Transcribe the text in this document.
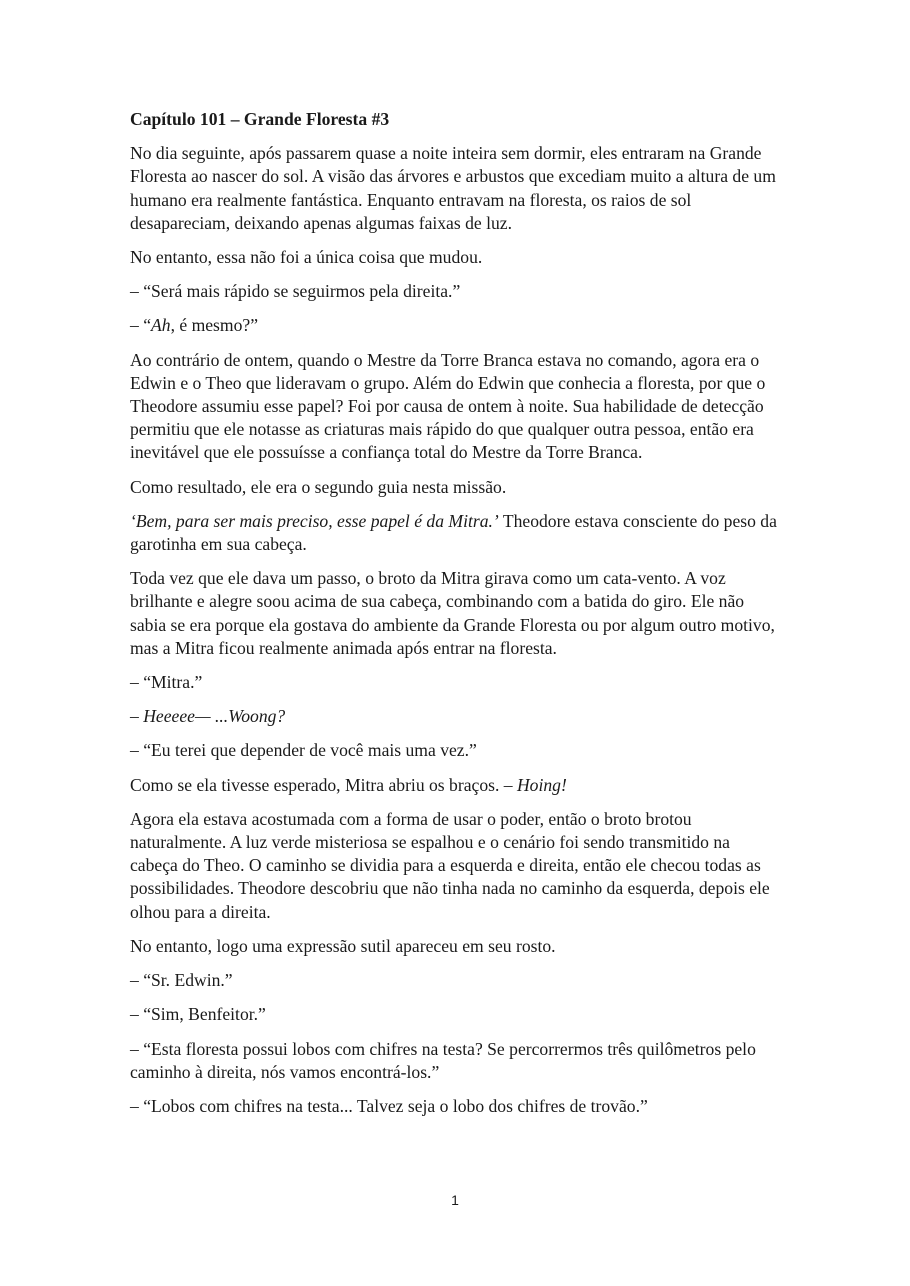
Capítulo 101 – Grande Floresta #3

No dia seguinte, após passarem quase a noite inteira sem dormir, eles entraram na Grande Floresta ao nascer do sol. A visão das árvores e arbustos que excediam muito a altura de um humano era realmente fantástica. Enquanto entravam na floresta, os raios de sol desapareciam, deixando apenas algumas faixas de luz.

No entanto, essa não foi a única coisa que mudou.

– “Será mais rápido se seguirmos pela direita.”

– “Ah, é mesmo?”

Ao contrário de ontem, quando o Mestre da Torre Branca estava no comando, agora era o Edwin e o Theo que lideravam o grupo. Além do Edwin que conhecia a floresta, por que o Theodore assumiu esse papel? Foi por causa de ontem à noite. Sua habilidade de detecção permitiu que ele notasse as criaturas mais rápido do que qualquer outra pessoa, então era inevitável que ele possuísse a confiança total do Mestre da Torre Branca.

Como resultado, ele era o segundo guia nesta missão.

‘Bem, para ser mais preciso, esse papel é da Mitra.’ Theodore estava consciente do peso da garotinha em sua cabeça.

Toda vez que ele dava um passo, o broto da Mitra girava como um cata-vento. A voz brilhante e alegre soou acima de sua cabeça, combinando com a batida do giro. Ele não sabia se era porque ela gostava do ambiente da Grande Floresta ou por algum outro motivo, mas a Mitra ficou realmente animada após entrar na floresta.

– “Mitra.”

– Heeeee— ...Woong?

– “Eu terei que depender de você mais uma vez.”

Como se ela tivesse esperado, Mitra abriu os braços. – Hoing!

Agora ela estava acostumada com a forma de usar o poder, então o broto brotou naturalmente. A luz verde misteriosa se espalhou e o cenário foi sendo transmitido na cabeça do Theo. O caminho se dividia para a esquerda e direita, então ele checou todas as possibilidades. Theodore descobriu que não tinha nada no caminho da esquerda, depois ele olhou para a direita.

No entanto, logo uma expressão sutil apareceu em seu rosto.

– “Sr. Edwin.”

– “Sim, Benfeitor.”

– “Esta floresta possui lobos com chifres na testa? Se percorrermos três quilômetros pelo caminho à direita, nós vamos encontrá-los.”

– “Lobos com chifres na testa... Talvez seja o lobo dos chifres de trovão.”

1
